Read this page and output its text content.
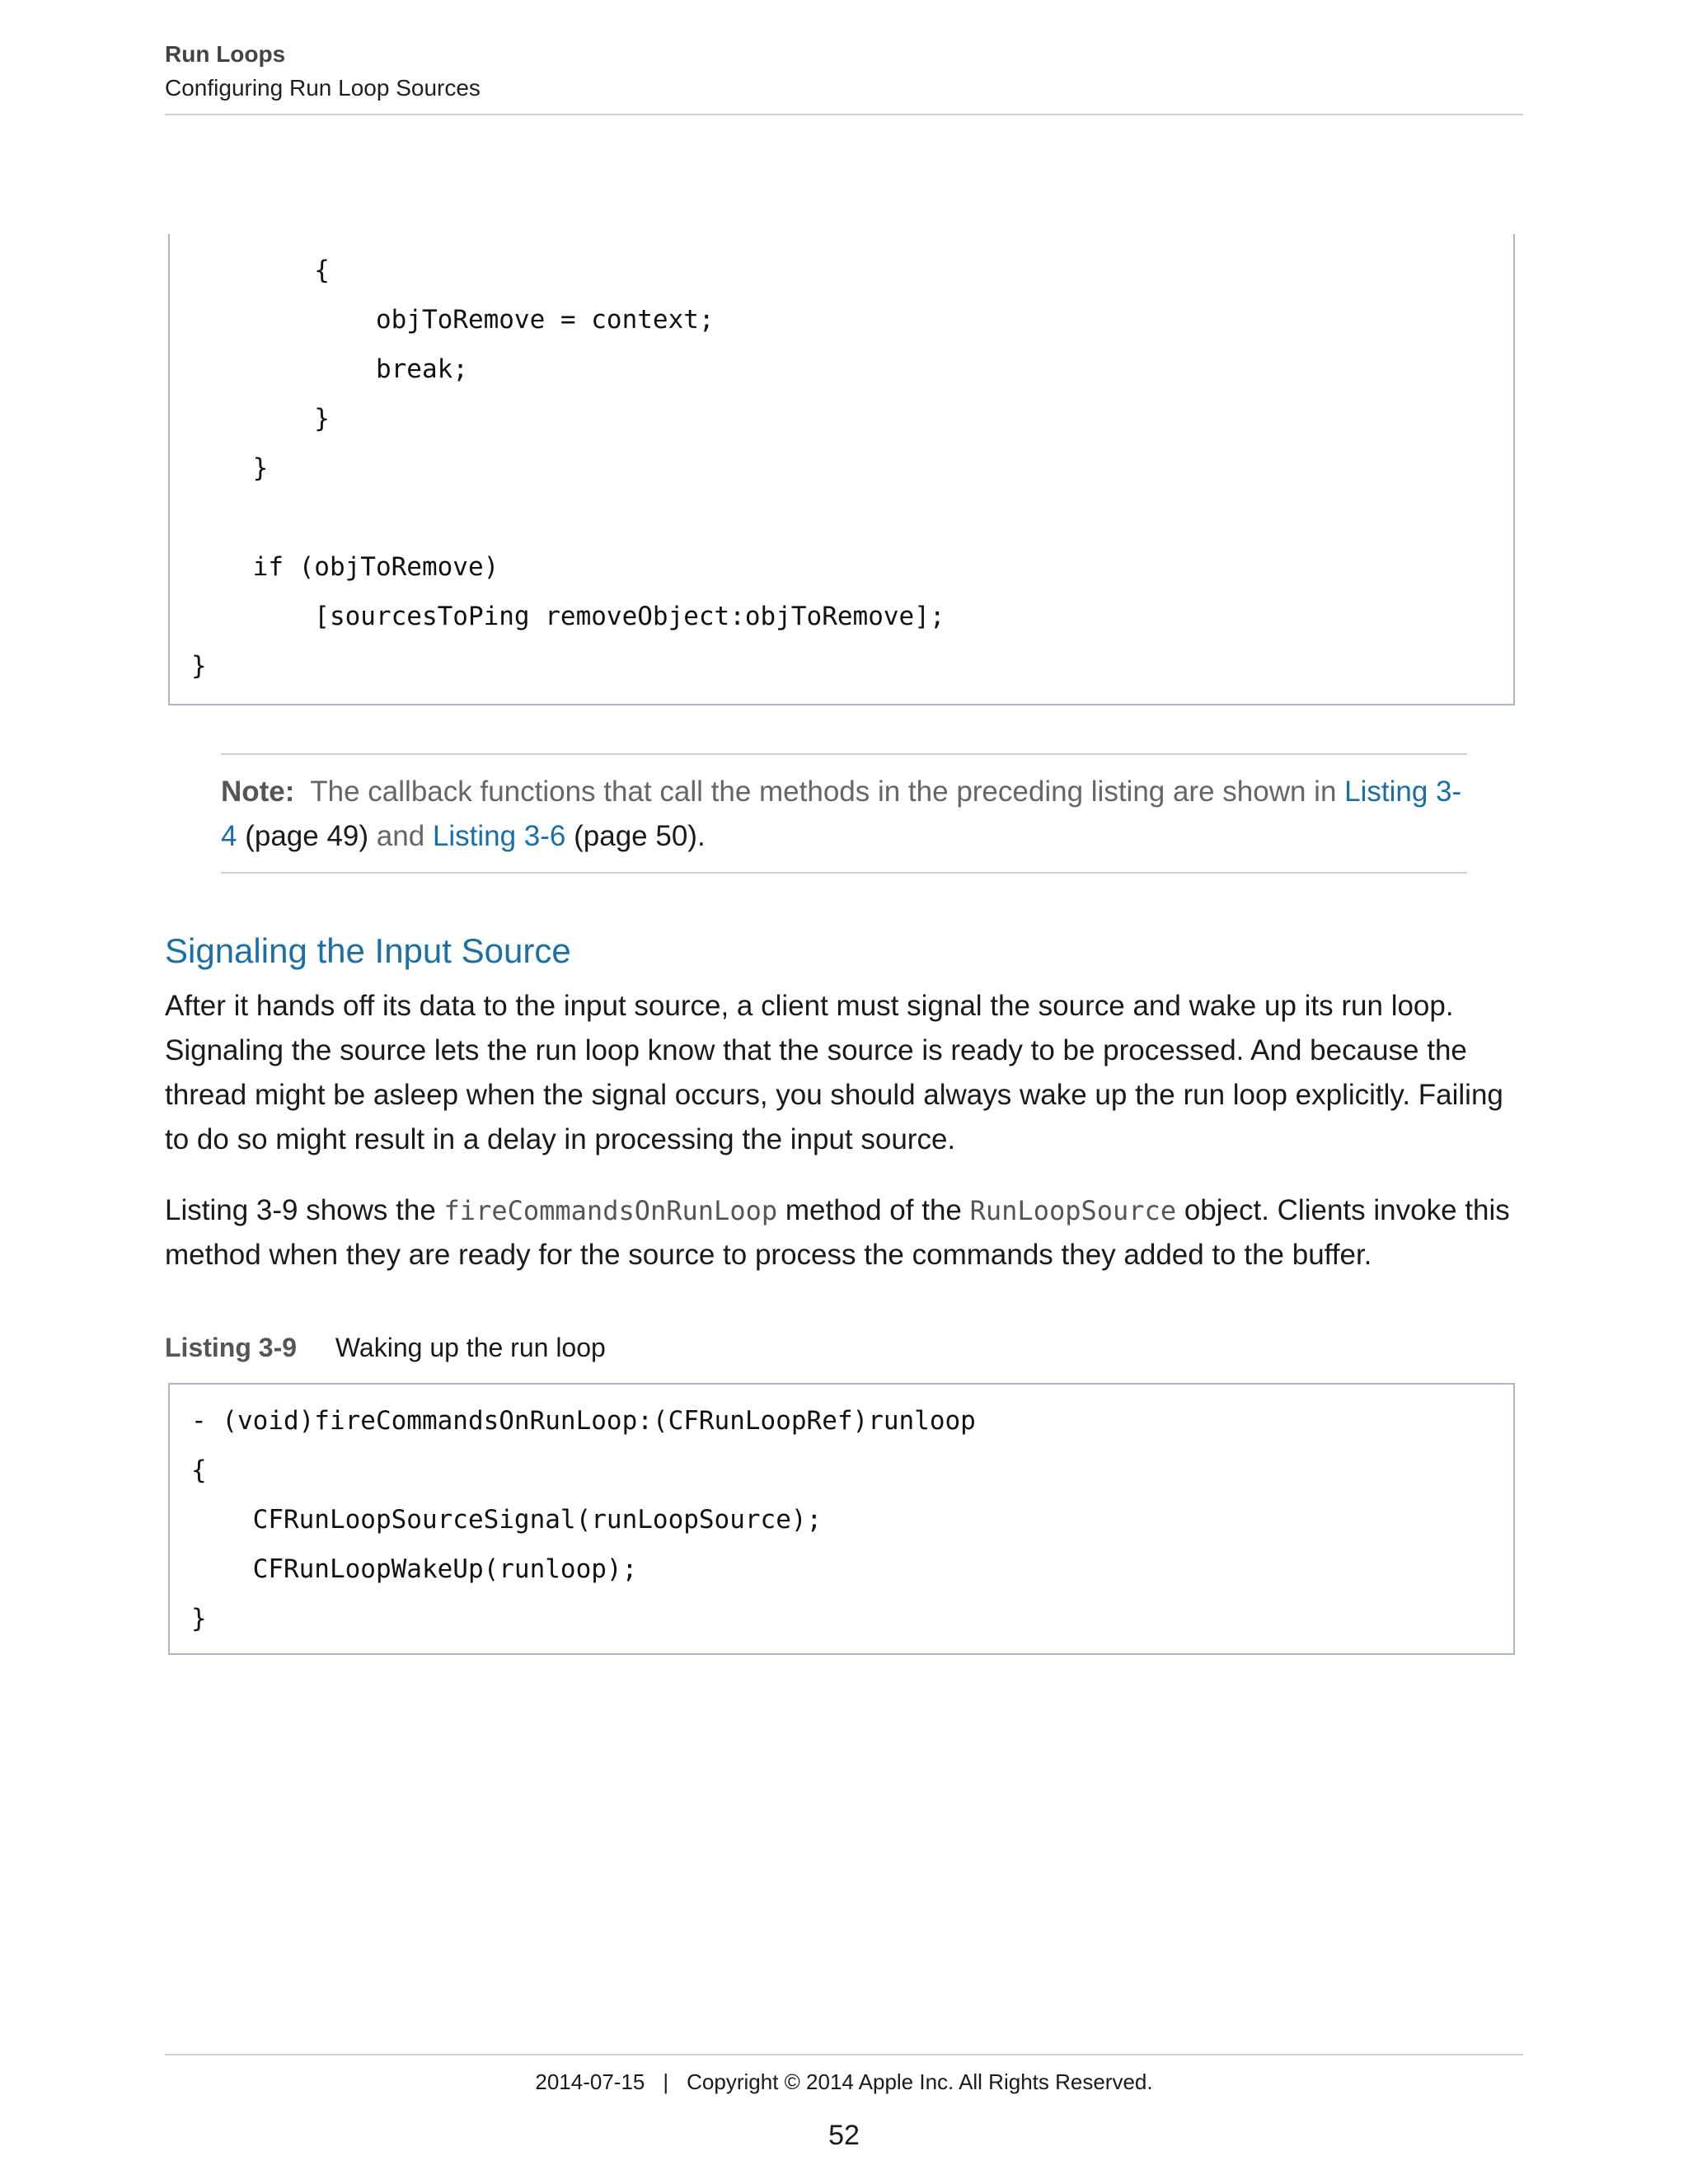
Run Loops
Configuring Run Loop Sources
{
objToRemove = context;
break;
}
}
if (objToRemove)
[sourcesToPing removeObject:objToRemove];
}
Note: The callback functions that call the methods in the preceding listing are shown in Listing 3-4 (page 49) and Listing 3-6 (page 50).
Signaling the Input Source
After it hands off its data to the input source, a client must signal the source and wake up its run loop. Signaling the source lets the run loop know that the source is ready to be processed. And because the thread might be asleep when the signal occurs, you should always wake up the run loop explicitly. Failing to do so might result in a delay in processing the input source.
Listing 3-9 shows the fireCommandsOnRunLoop method of the RunLoopSource object. Clients invoke this method when they are ready for the source to process the commands they added to the buffer.
Listing 3-9 Waking up the run loop
- (void)fireCommandsOnRunLoop:(CFRunLoopRef)runloop
{
CFRunLoopSourceSignal(runLoopSource);
CFRunLoopWakeUp(runloop);
}
2014-07-15 | Copyright © 2014 Apple Inc. All Rights Reserved.
52
